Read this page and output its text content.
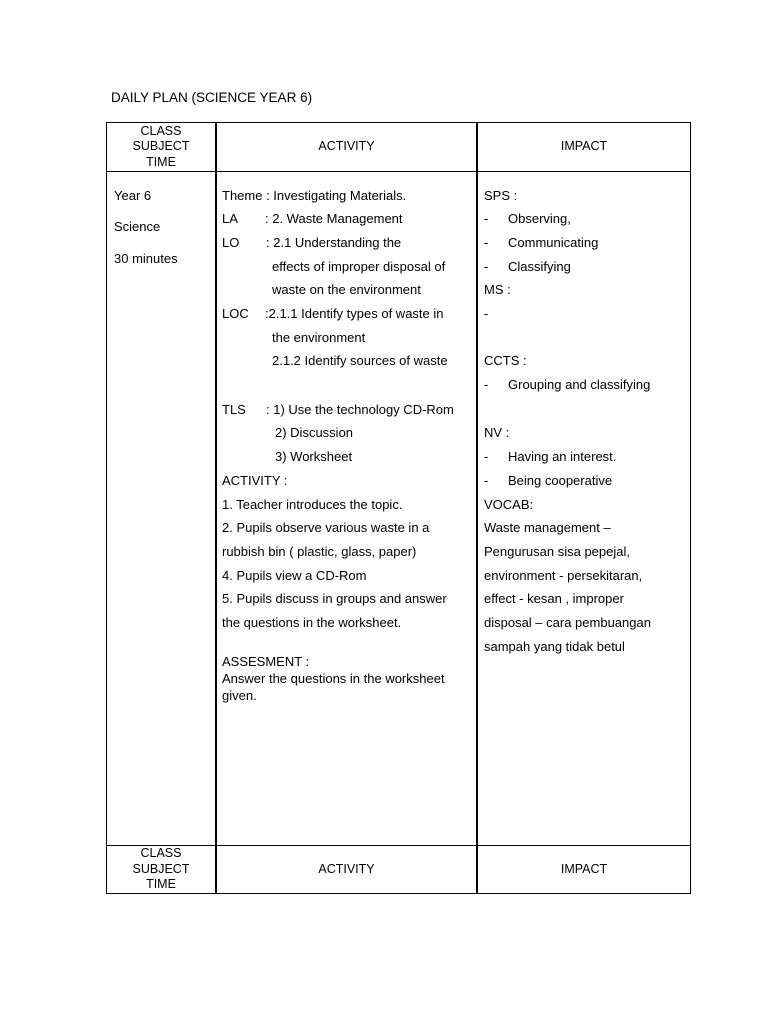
DAILY PLAN (SCIENCE YEAR 6)
CLASS
SUBJECT
TIME
ACTIVITY	IMPACT
Year 6
Science
30 minutes
Theme : Investigating Materials.
LA : 2. Waste Management
LO : 2.1 Understanding the
effects of improper disposal of
waste on the environment
LOC :2.1.1 Identify types of waste in
the environment
2.1.2 Identify sources of waste
TLS : 1) Use the technology CD-Rom
2) Discussion
3) Worksheet
ACTIVITY :
1. Teacher introduces the topic.
2. Pupils observe various waste in a
rubbish bin ( plastic, glass, paper)
4. Pupils view a CD-Rom
5. Pupils discuss in groups and answer
the questions in the worksheet.
ASSESMENT :
Answer the questions in the worksheet
given.
SPS :
- Observing,
- Communicating
- Classifying
MS :
-
CCTS :
- Grouping and classifying
NV :
- Having an interest.
- Being cooperative
VOCAB:
Waste management –
Pengurusan sisa pepejal,
environment - persekitaran,
effect - kesan , improper
disposal – cara pembuangan
sampah yang tidak betul
CLASS
SUBJECT
TIME
ACTIVITY	IMPACT
